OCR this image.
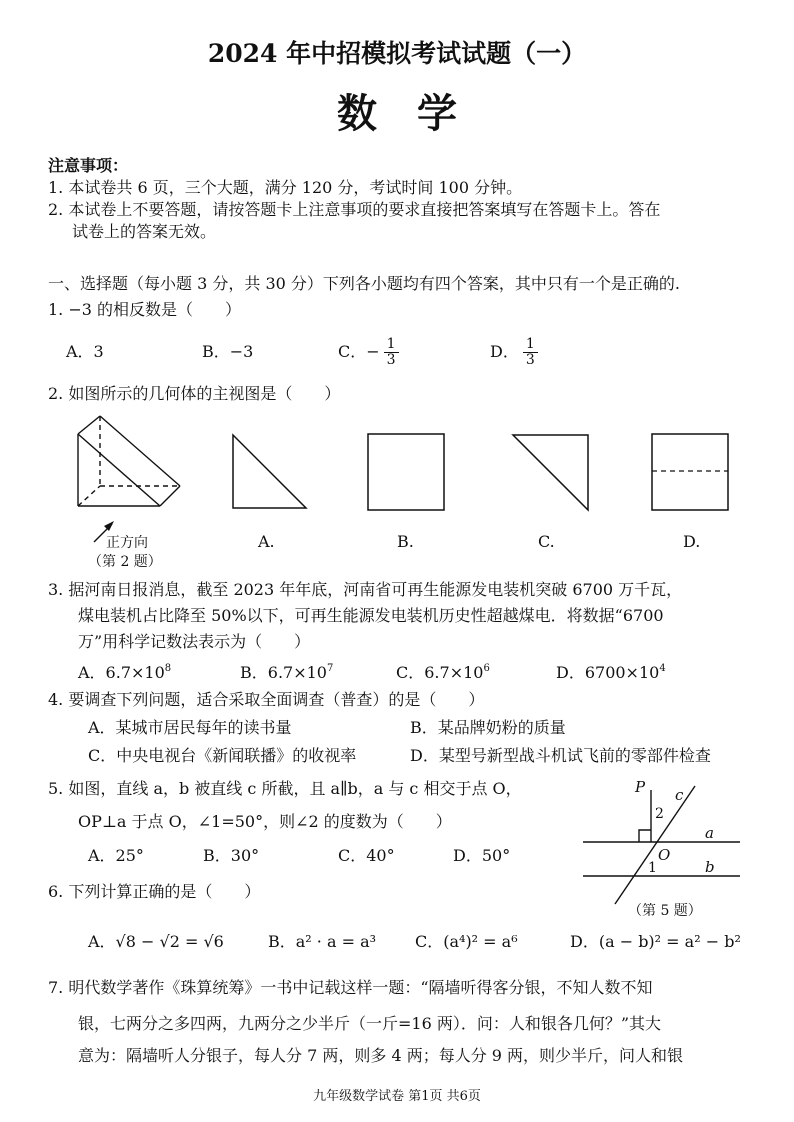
2024 年中招模拟考试试题（一）
数学
注意事项：
1. 本试卷共 6 页，三个大题，满分 120 分，考试时间 100 分钟。
2. 本试卷上不要答题，请按答题卡上注意事项的要求直接把答案填写在答题卡上。答在
试卷上的答案无效。
一、选择题（每小题 3 分，共 30 分）下列各小题均有四个答案，其中只有一个是正确的.
1. −3 的相反数是（　　）
A．3	B．−3	C． − $\frac{1}{3}$	D． $\frac{1}{3}$
2. 如图所示的几何体的主视图是（　　）
正方向
（第 2 题）
A.	B.	C.	D.
3. 据河南日报消息，截至 2023 年年底，河南省可再生能源发电装机突破 6700 万千瓦，
煤电装机占比降至 50%以下，可再生能源发电装机历史性超越煤电．将数据“6700
万”用科学记数法表示为（　　）
A．$6.7\times 10^8$	B．$6.7\times 10^7$	C．$6.7\times 10^6$	D．$6700\times 10^4$
4. 要调查下列问题，适合采取全面调查（普查）的是（　　）
A．某城市居民每年的读书量	B．某品牌奶粉的质量
C．中央电视台《新闻联播》的收视率	D．某型号新型战斗机试飞前的零部件检查
5. 如图，直线 a，b 被直线 c 所截，且 a∥b，a 与 c 相交于点 O，
OP⊥a 于点 O，∠1=50°，则∠2 的度数为（　　）
A．25°	B．30°	C．40°	D．50°
P c
a
O
b
2
1
（第 5 题）
6. 下列计算正确的是（　　）
A．√8 − √2 = √6	B．a² · a = a³ C．(a⁴)² = a⁶	D．(a − b)² = a² − b²
7. 明代数学著作《珠算统筹》一书中记载这样一题：“隔墙听得客分银，不知人数不知
银，七两分之多四两，九两分之少半斤（一斤=16 两）．问：人和银各几何？”其大
意为：隔墙听人分银子，每人分 7 两，则多 4 两；每人分 9 两，则少半斤，问人和银
九年级数学试卷 第1页 共6页
